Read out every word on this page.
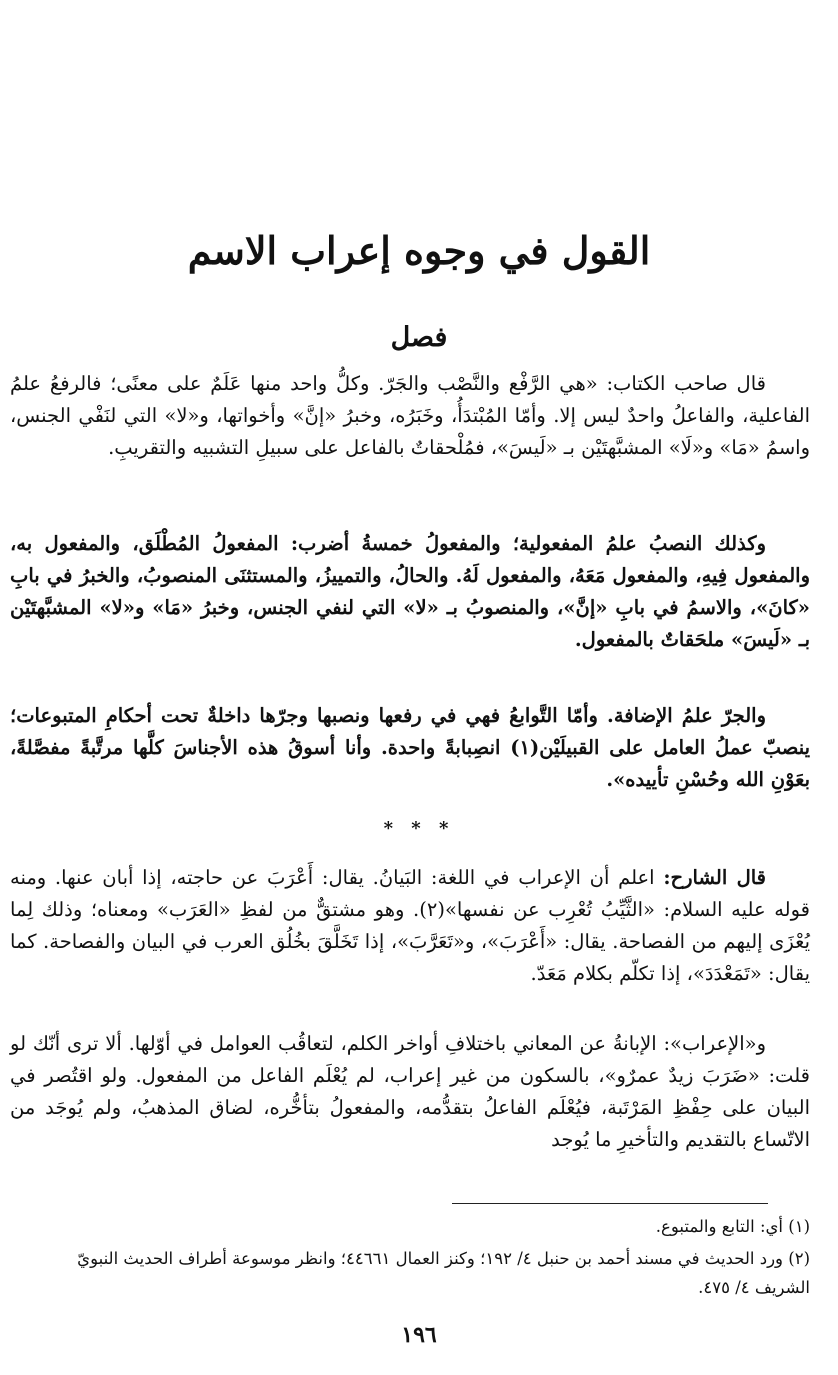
القول في وجوه إعراب الاسم
فصل
قال صاحب الكتاب: «هي الرَّفْع والنَّصْب والجَرّ. وكلُّ واحد منها عَلَمٌ على معنًى؛ فالرفعُ علمُ الفاعلية، والفاعلُ واحدٌ ليس إلا. وأمّا المُبْتدَأُ، وخَبَرُه، وخبرُ «إنَّ» وأخواتها، و«لا» التي لنَفْي الجنس، واسمُ «مَا» و«لَا» المشبَّهتَيْن بـ «لَيسَ»، فمُلْحقاتٌ بالفاعل على سبيلِ التشبيه والتقريبِ.
وكذلك النصبُ علمُ المفعولية؛ والمفعولُ خمسةُ أضرب: المفعولُ المُطْلَق، والمفعول به، والمفعول فِيهِ، والمفعول مَعَهُ، والمفعول لَهُ. والحالُ، والتمييزُ، والمستثنَى المنصوبُ، والخبرُ في بابِ «كانَ»، والاسمُ في بابِ «إنَّ»، والمنصوبُ بـ «لا» التي لنفي الجنس، وخبرُ «مَا» و«لا» المشبَّهتَيْن بـ «لَيسَ» ملحَقاتٌ بالمفعول.
والجرّ علمُ الإضافة. وأمّا التَّوابعُ فهي في رفعها ونصبها وجرّها داخلةٌ تحت أحكامِ المتبوعات؛ ينصبّ عملُ العامل على القبيلَيْن(١) انصِبابةً واحدة. وأنا أسوقُ هذه الأجناسَ كلَّها مرتَّبةً مفصَّلةً، بعَوْنِ الله وحُسْنِ تأييده».
* * *
قال الشارح: اعلم أن الإعراب في اللغة: البَيانُ. يقال: أَعْرَبَ عن حاجته، إذا أبان عنها. ومنه قوله عليه السلام: «الثَّيِّبُ تُعْرِب عن نفسها»(٢). وهو مشتقٌّ من لفظِ «العَرَب» ومعناه؛ وذلك لِما يُعْزَى إليهم من الفصاحة. يقال: «أَعْرَبَ»، و«تَعَرَّبَ»، إذا تَخَلَّقَ بخُلُق العرب في البيان والفصاحة. كما يقال: «تَمَعْدَدَ»، إذا تكلّم بكلام مَعَدّ.
و«الإعراب»: الإبانةُ عن المعاني باختلافِ أواخر الكلم، لتعاقُب العوامل في أوّلها. ألا ترى أنّك لو قلت: «ضَرَبَ زيدٌ عمرٌو»، بالسكون من غير إعراب، لم يُعْلَم الفاعل من المفعول. ولو اقتُصر في البيان على حِفْظِ المَرْتَبة، فيُعْلَم الفاعلُ بتقدُّمه، والمفعولُ بتأخُّره، لضاق المذهبُ، ولم يُوجَد من الاتّساع بالتقديم والتأخيرِ ما يُوجد
(١) أي: التابع والمتبوع.
(٢) ورد الحديث في مسند أحمد بن حنبل ٤/ ١٩٢؛ وكنز العمال ٤٤٦٦١؛ وانظر موسوعة أطراف الحديث النبويّ الشريف ٤/ ٤٧٥.
١٩٦
